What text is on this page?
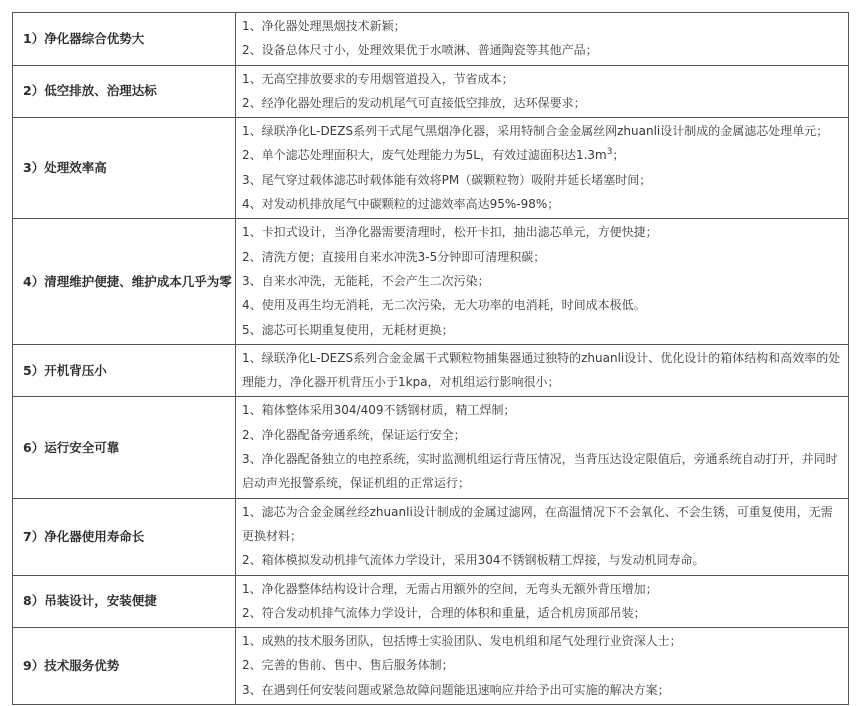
1）净化器综合优势大	1、净化器处理黑烟技术新颖；
2、设备总体尺寸小，处理效果优于水喷淋、普通陶瓷等其他产品；

2）低空排放、治理达标	1、无高空排放要求的专用烟管道投入，节省成本；
2、经净化器处理后的发动机尾气可直接低空排放，达环保要求；

3）处理效率高	1、绿联净化L-DEZS系列干式尾气黑烟净化器，采用特制合金金属丝网zhuanli设计制成的金属滤芯处理单元；
2、单个滤芯处理面积大，废气处理能力为5L，有效过滤面积达$1.3m^3$；
3、尾气穿过载体滤芯时载体能有效将PM（碳颗粒物）吸附并延长堵塞时间；
4、对发动机排放尾气中碳颗粒的过滤效率高达95%-98%；

4）清理维护便捷、维护成本几乎为零	1、卡扣式设计，当净化器需要清理时，松开卡扣，抽出滤芯单元，方便快捷；
2、清洗方便；直接用自来水冲洗3-5分钟即可清理积碳；
3、自来水冲洗，无能耗，不会产生二次污染；
4、使用及再生均无消耗，无二次污染，无大功率的电消耗，时间成本极低。
5、滤芯可长期重复使用，无耗材更换；

5）开机背压小	1、绿联净化L-DEZS系列合金金属干式颗粒物捕集器通过独特的zhuanli设计、优化设计的箱体结构和高效率的处理能力，净化器开机背压小于1kpa，对机组运行影响很小；

6）运行安全可靠	1、箱体整体采用304/409不锈钢材质，精工焊制；
2、净化器配备旁通系统，保证运行安全；
3、净化器配备独立的电控系统，实时监测机组运行背压情况，当背压达设定限值后，旁通系统自动打开，并同时启动声光报警系统，保证机组的正常运行；

7）净化器使用寿命长	1、滤芯为合金金属丝经zhuanli设计制成的金属过滤网，在高温情况下不会氧化、不会生锈，可重复使用，无需更换材料；
2、箱体模拟发动机排气流体力学设计，采用304不锈钢板精工焊接，与发动机同寿命。

8）吊装设计，安装便捷	1、净化器整体结构设计合理，无需占用额外的空间，无弯头无额外背压增加；
2、符合发动机排气流体力学设计，合理的体积和重量，适合机房顶部吊装；

9）技术服务优势	1、成熟的技术服务团队，包括博士实验团队、发电机组和尾气处理行业资深人士；
2、完善的售前、售中、售后服务体制；
3、在遇到任何安装问题或紧急故障问题能迅速响应并给予出可实施的解决方案；
